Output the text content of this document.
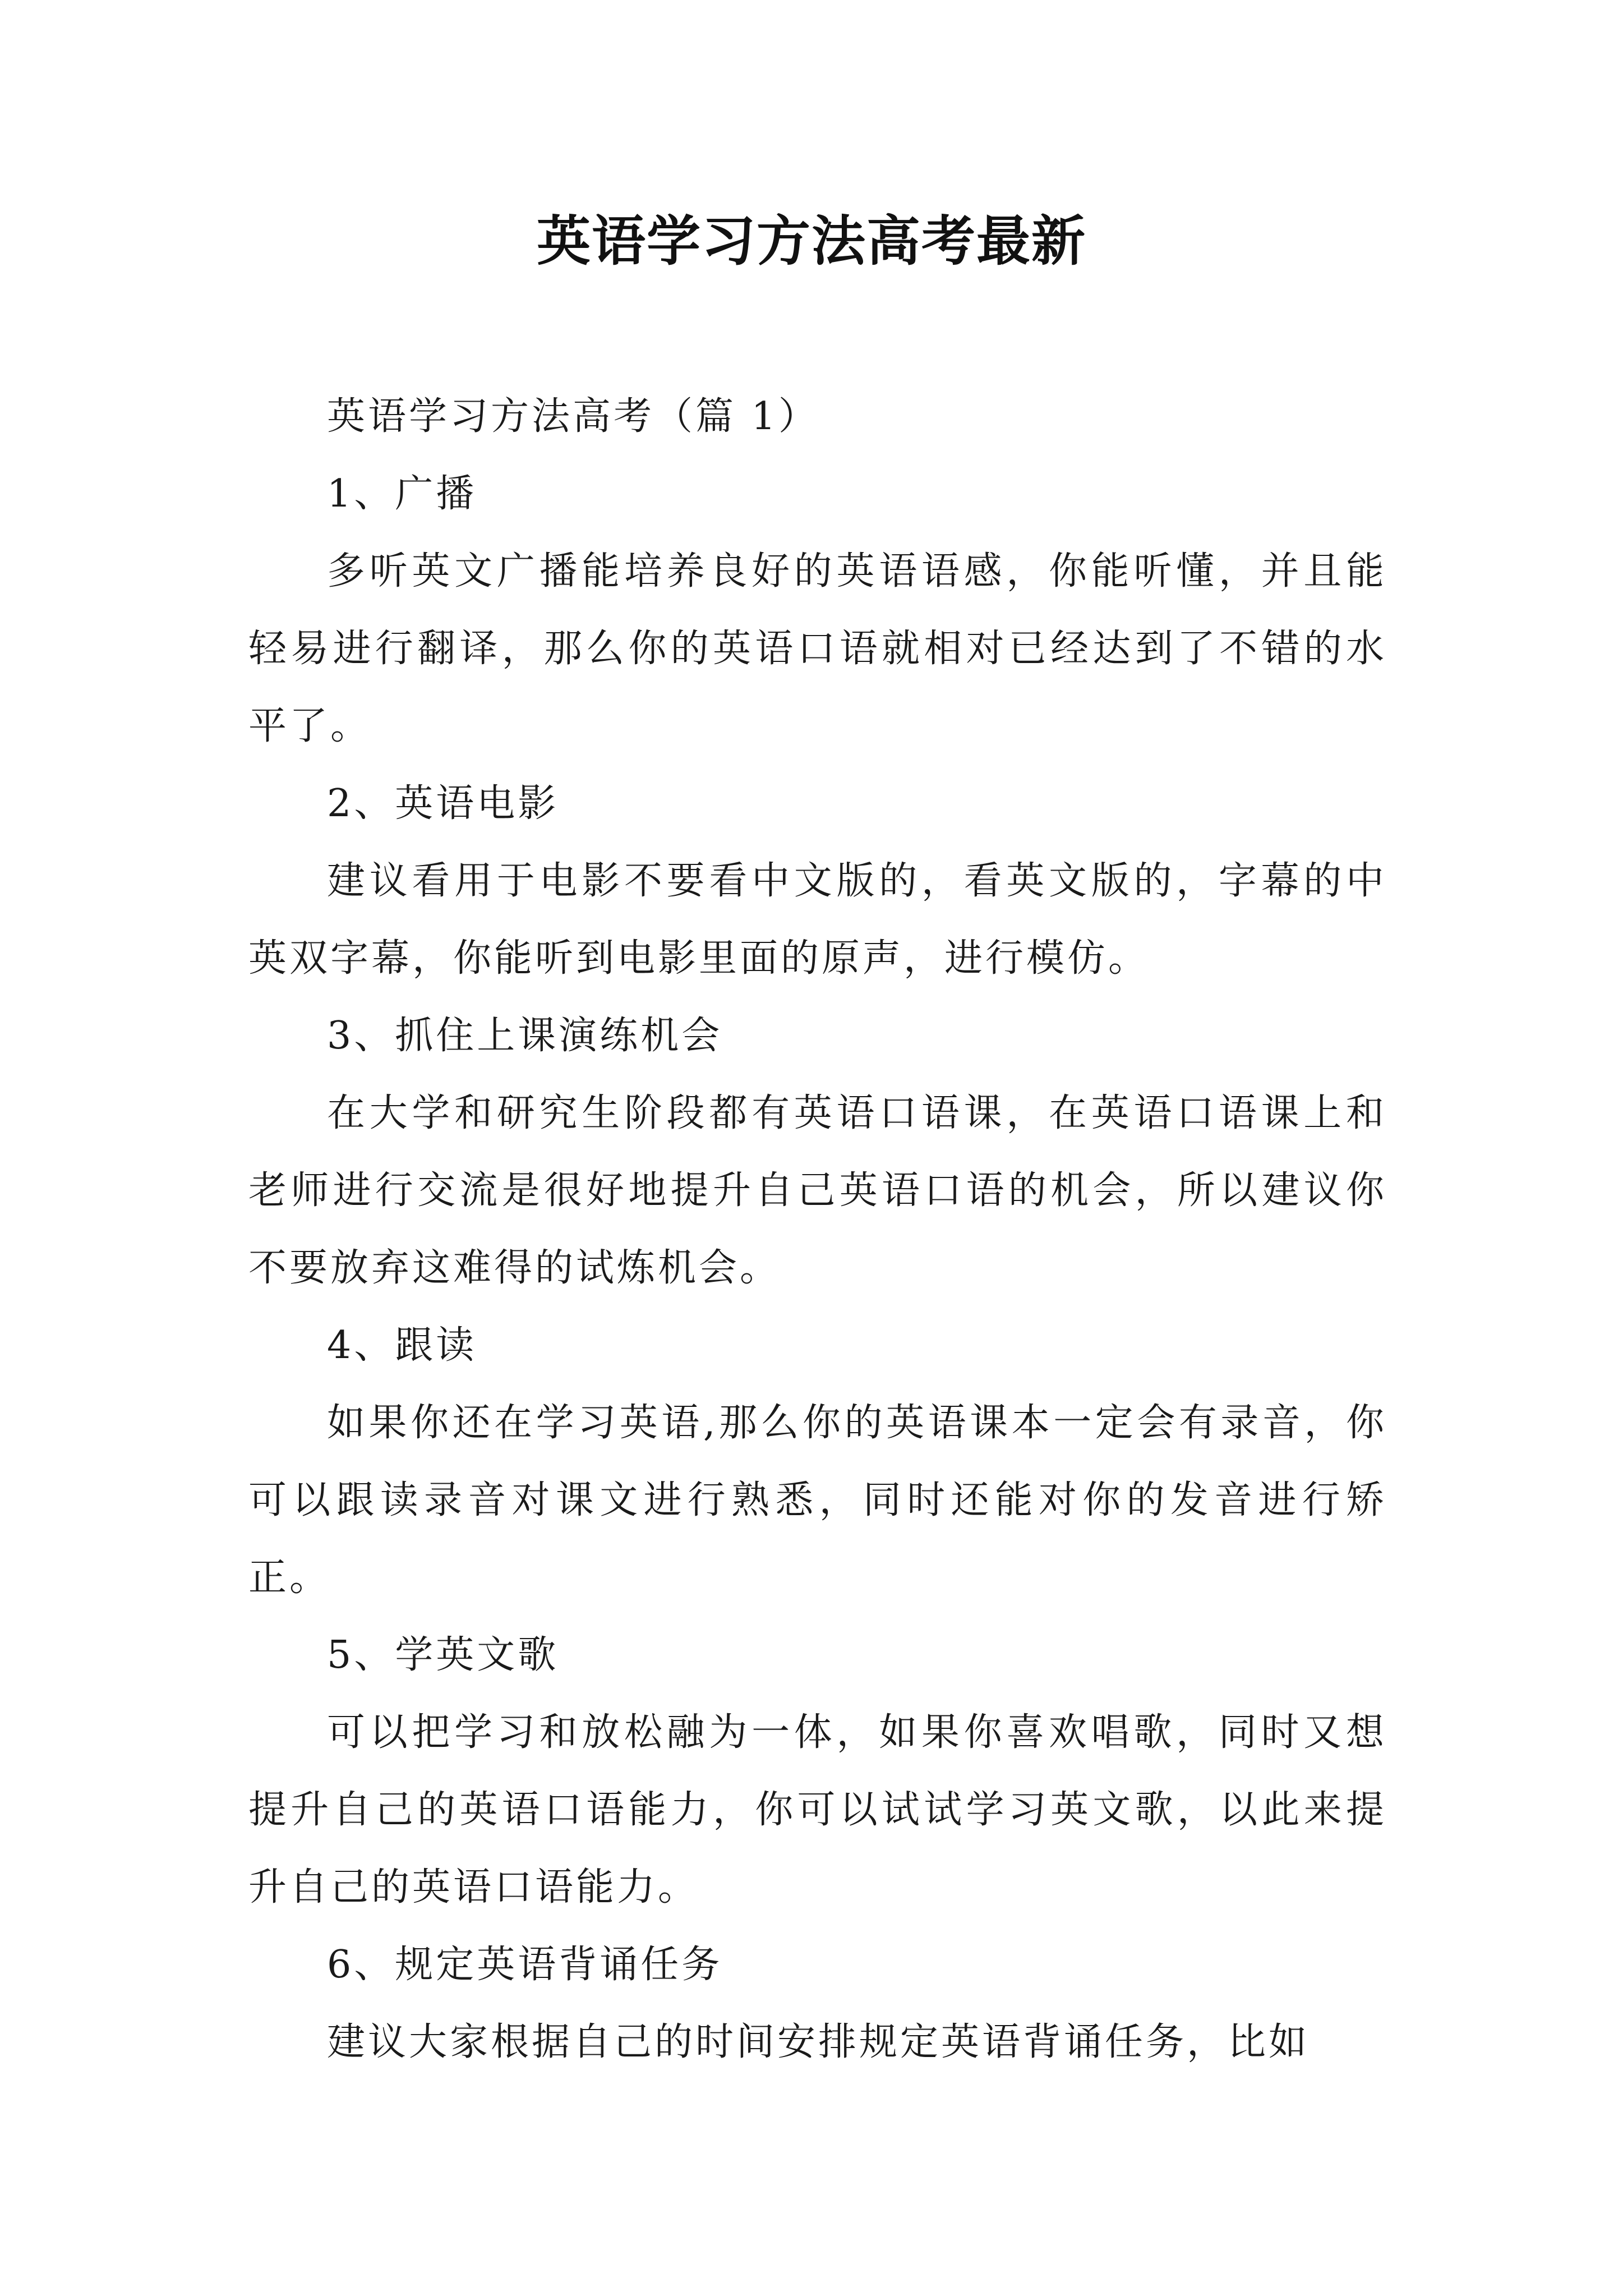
英语学习方法高考最新

英语学习方法高考（篇 1）

1、广播

多听英文广播能培养良好的英语语感，你能听懂，并且能轻易进行翻译，那么你的英语口语就相对已经达到了不错的水平了。

2、英语电影

建议看用于电影不要看中文版的，看英文版的，字幕的中英双字幕，你能听到电影里面的原声，进行模仿。

3、抓住上课演练机会

在大学和研究生阶段都有英语口语课，在英语口语课上和老师进行交流是很好地提升自己英语口语的机会，所以建议你不要放弃这难得的试炼机会。

4、跟读

如果你还在学习英语,那么你的英语课本一定会有录音，你可以跟读录音对课文进行熟悉，同时还能对你的发音进行矫正。

5、学英文歌

可以把学习和放松融为一体，如果你喜欢唱歌，同时又想提升自己的英语口语能力，你可以试试学习英文歌，以此来提升自己的英语口语能力。

6、规定英语背诵任务

建议大家根据自己的时间安排规定英语背诵任务，比如
